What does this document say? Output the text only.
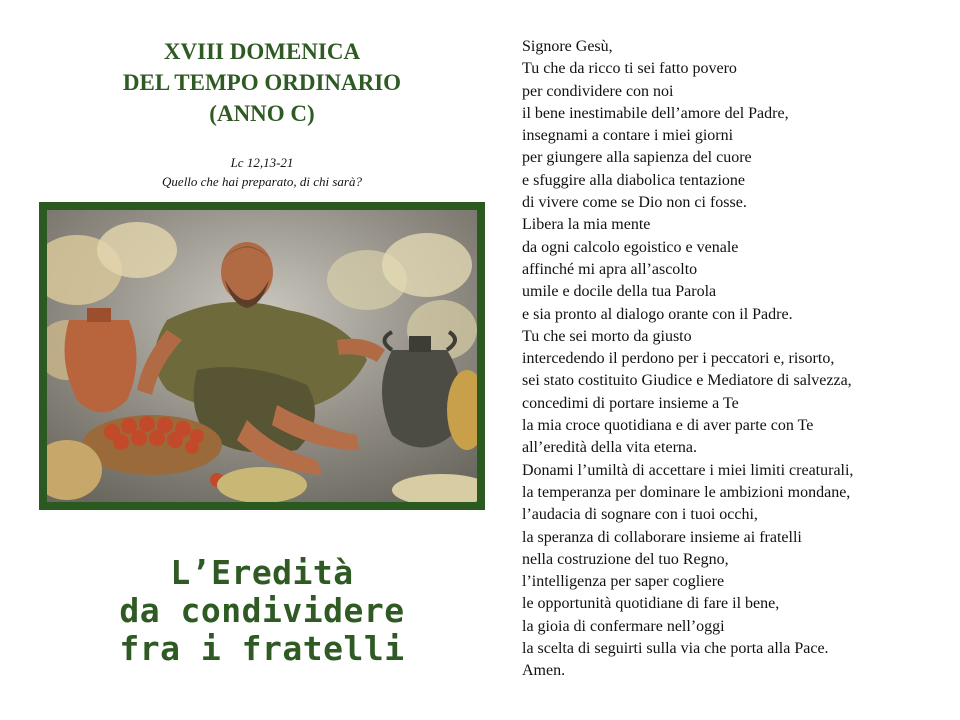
XVIII DOMENICA
DEL TEMPO ORDINARIO
(ANNO C)
Lc 12,13-21
Quello che hai preparato, di chi sarà?
L’Eredità
da condividere
fra i fratelli
Signore Gesù,
Tu che da ricco ti sei fatto povero
per condividere con noi
il bene inestimabile dell’amore del Padre,
insegnami a contare i miei giorni
per giungere alla sapienza del cuore
e sfuggire alla diabolica tentazione
di vivere come se Dio non ci fosse.
Libera la mia mente
da ogni calcolo egoistico e venale
affinché mi apra all’ascolto
umile e docile della tua Parola
e sia pronto al dialogo orante con il Padre.
Tu che sei morto da giusto
intercedendo il perdono per i peccatori e, risorto,
sei stato costituito Giudice e Mediatore di salvezza,
concedimi di portare insieme a Te
la mia croce quotidiana e di aver parte con Te
all’eredità della vita eterna.
Donami l’umiltà di accettare i miei limiti creaturali,
la temperanza per dominare le ambizioni mondane,
l’audacia di sognare con i tuoi occhi,
la speranza di collaborare insieme ai fratelli
nella costruzione del tuo Regno,
l’intelligenza per saper cogliere
le opportunità quotidiane di fare il bene,
la gioia di confermare nell’oggi
la scelta di seguirti sulla via che porta alla Pace.
Amen.
